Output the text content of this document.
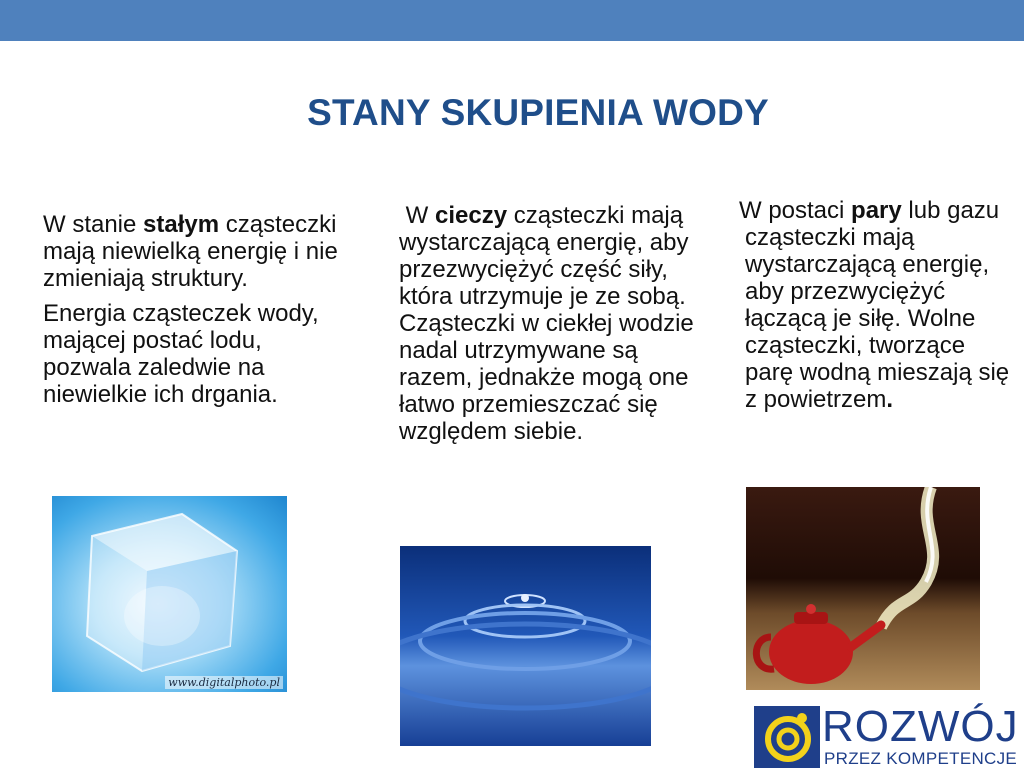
STANY SKUPIENIA WODY

W stanie stałym cząsteczki mają niewielką energię i nie zmieniają struktury.

Energia cząsteczek wody, mającej postać lodu, pozwala zaledwie na niewielkie ich drgania.

W cieczy cząsteczki mają wystarczającą energię, aby przezwyciężyć część siły, która utrzymuje je ze sobą. Cząsteczki w ciekłej wodzie nadal utrzymywane są razem, jednakże mogą one łatwo przemieszczać się względem siebie.

W postaci pary lub gazu cząsteczki mają wystarczającą energię, aby przezwyciężyć łączącą je siłę. Wolne cząsteczki, tworzące parę wodną mieszają się z powietrzem.

www.digitalphoto.pl
ROZWÓJ
PRZEZ KOMPETENCJE
